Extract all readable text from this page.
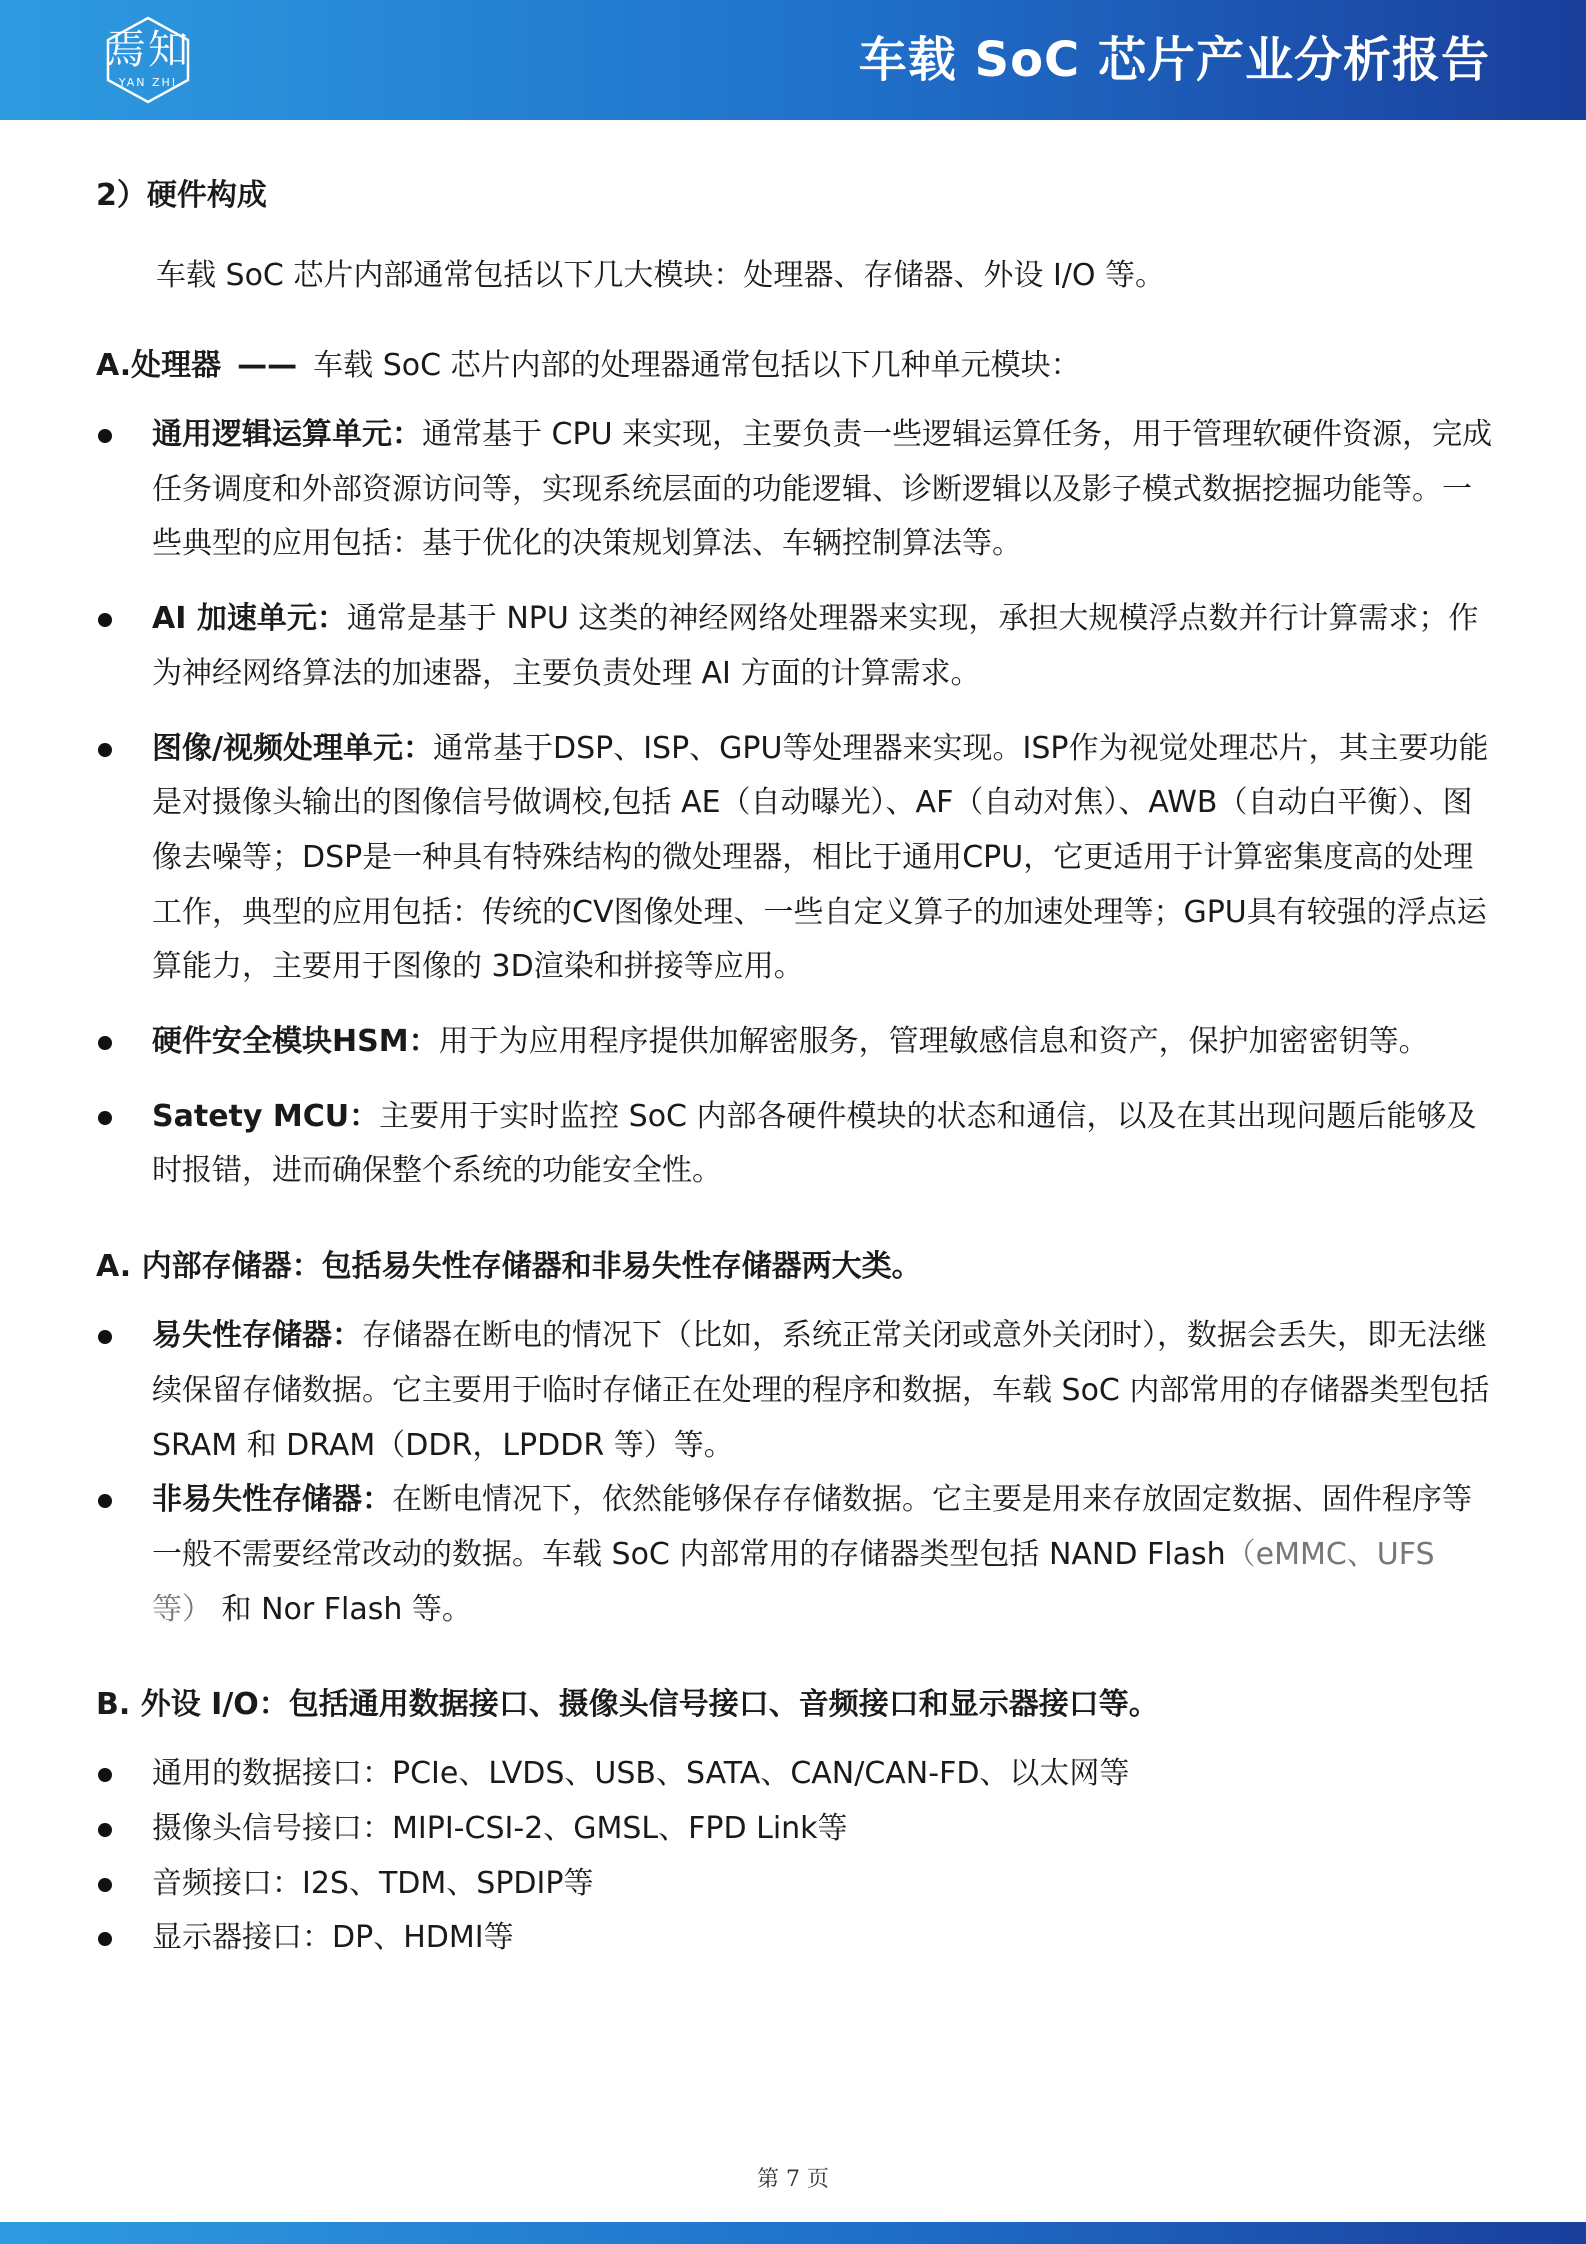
焉知
YAN ZHI	车载 SoC 芯片产业分析报告
2）硬件构成
车载 SoC 芯片内部通常包括以下几大模块：处理器、存储器、外设 I/O 等。
A.处理器 —— 车载 SoC 芯片内部的处理器通常包括以下几种单元模块：
通用逻辑运算单元：通常基于 CPU 来实现，主要负责一些逻辑运算任务，用于管理软硬件资源，完成任务调度和外部资源访问等，实现系统层面的功能逻辑、诊断逻辑以及影子模式数据挖掘功能等。一些典型的应用包括：基于优化的决策规划算法、车辆控制算法等。
AI 加速单元：通常是基于 NPU 这类的神经网络处理器来实现，承担大规模浮点数并行计算需求；作为神经网络算法的加速器，主要负责处理 AI 方面的计算需求。
图像/视频处理单元：通常基于DSP、ISP、GPU等处理器来实现。ISP作为视觉处理芯片，其主要功能是对摄像头输出的图像信号做调校,包括 AE（自动曝光）、AF（自动对焦）、AWB（自动白平衡）、图像去噪等；DSP是一种具有特殊结构的微处理器，相比于通用CPU，它更适用于计算密集度高的处理工作，典型的应用包括：传统的CV图像处理、一些自定义算子的加速处理等；GPU具有较强的浮点运算能力，主要用于图像的 3D渲染和拼接等应用。
硬件安全模块HSM：用于为应用程序提供加解密服务，管理敏感信息和资产，保护加密密钥等。
Satety MCU：主要用于实时监控 SoC 内部各硬件模块的状态和通信，以及在其出现问题后能够及时报错，进而确保整个系统的功能安全性。
A. 内部存储器：包括易失性存储器和非易失性存储器两大类。
易失性存储器：存储器在断电的情况下（比如，系统正常关闭或意外关闭时），数据会丢失，即无法继续保留存储数据。它主要用于临时存储正在处理的程序和数据，车载 SoC 内部常用的存储器类型包括 SRAM 和 DRAM（DDR，LPDDR 等）等。
非易失性存储器：在断电情况下，依然能够保存存储数据。它主要是用来存放固定数据、固件程序等一般不需要经常改动的数据。车载 SoC 内部常用的存储器类型包括 NAND Flash（eMMC、UFS 等） 和 Nor Flash 等。
B. 外设 I/O：包括通用数据接口、摄像头信号接口、音频接口和显示器接口等。
通用的数据接口：PCIe、LVDS、USB、SATA、CAN/CAN-FD、以太网等
摄像头信号接口：MIPI-CSI-2、GMSL、FPD Link等
音频接口：I2S、TDM、SPDIP等
显示器接口：DP、HDMI等
第 7 页
